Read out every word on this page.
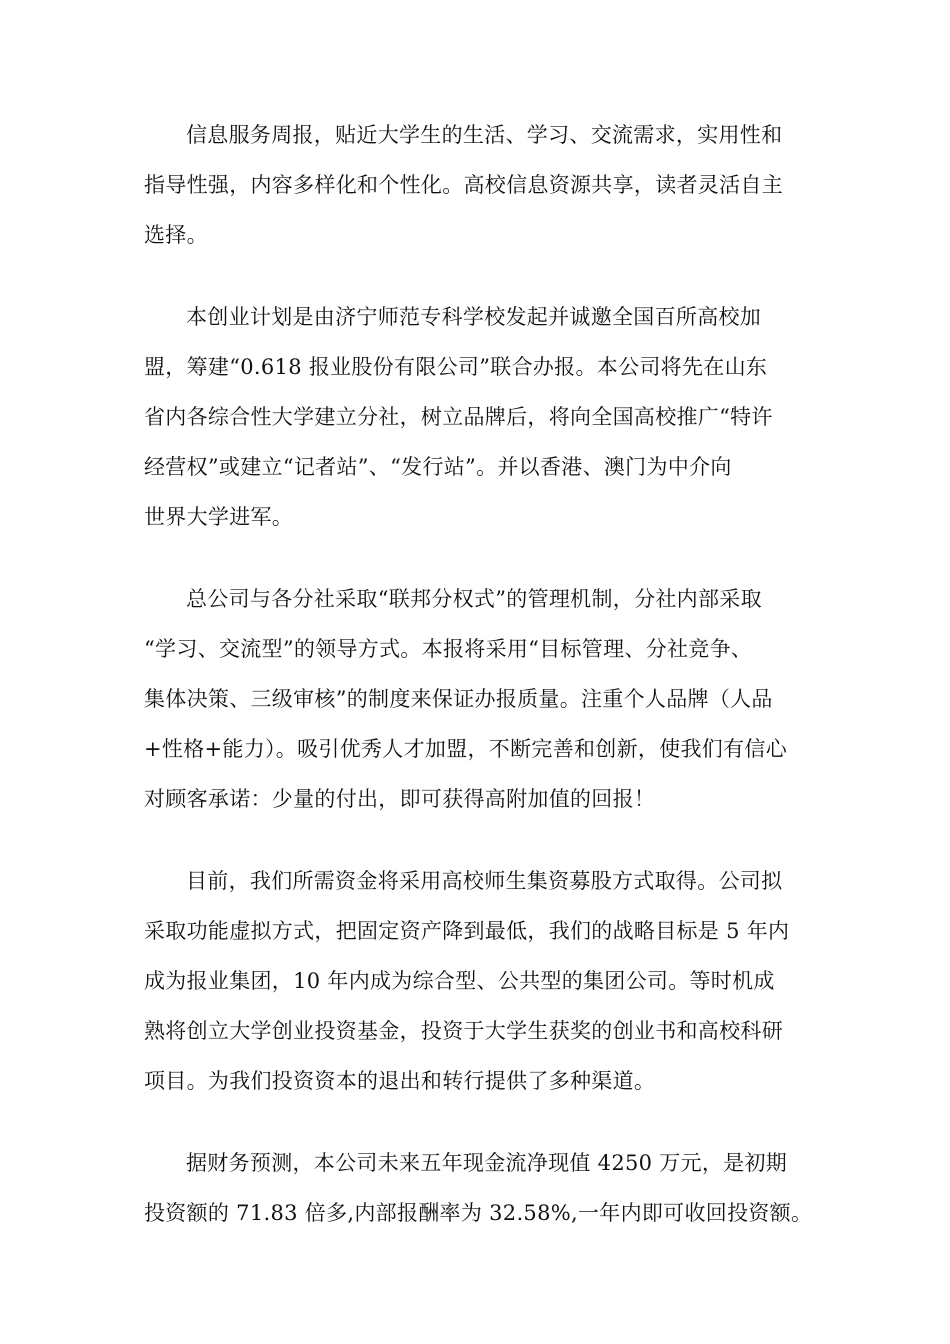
信息服务周报，贴近大学生的生活、学习、交流需求，实用性和
指导性强，内容多样化和个性化。高校信息资源共享，读者灵活自主
选择。
本创业计划是由济宁师范专科学校发起并诚邀全国百所高校加
盟，筹建“0.618 报业股份有限公司”联合办报。本公司将先在山东
省内各综合性大学建立分社，树立品牌后，将向全国高校推广“特许
经营权”或建立“记者站”、“发行站”。并以香港、澳门为中介向
世界大学进军。
总公司与各分社采取“联邦分权式”的管理机制，分社内部采取
“学习、交流型”的领导方式。本报将采用“目标管理、分社竞争、
集体决策、三级审核”的制度来保证办报质量。注重个人品牌（人品
+性格+能力）。吸引优秀人才加盟，不断完善和创新，使我们有信心
对顾客承诺：少量的付出，即可获得高附加值的回报！
目前，我们所需资金将采用高校师生集资募股方式取得。公司拟
采取功能虚拟方式，把固定资产降到最低，我们的战略目标是 5 年内
成为报业集团，10 年内成为综合型、公共型的集团公司。等时机成
熟将创立大学创业投资基金，投资于大学生获奖的创业书和高校科研
项目。为我们投资资本的退出和转行提供了多种渠道。
据财务预测，本公司未来五年现金流净现值 4250 万元，是初期
投资额的 71.83 倍多,内部报酬率为 32.58%,一年内即可收回投资额。
